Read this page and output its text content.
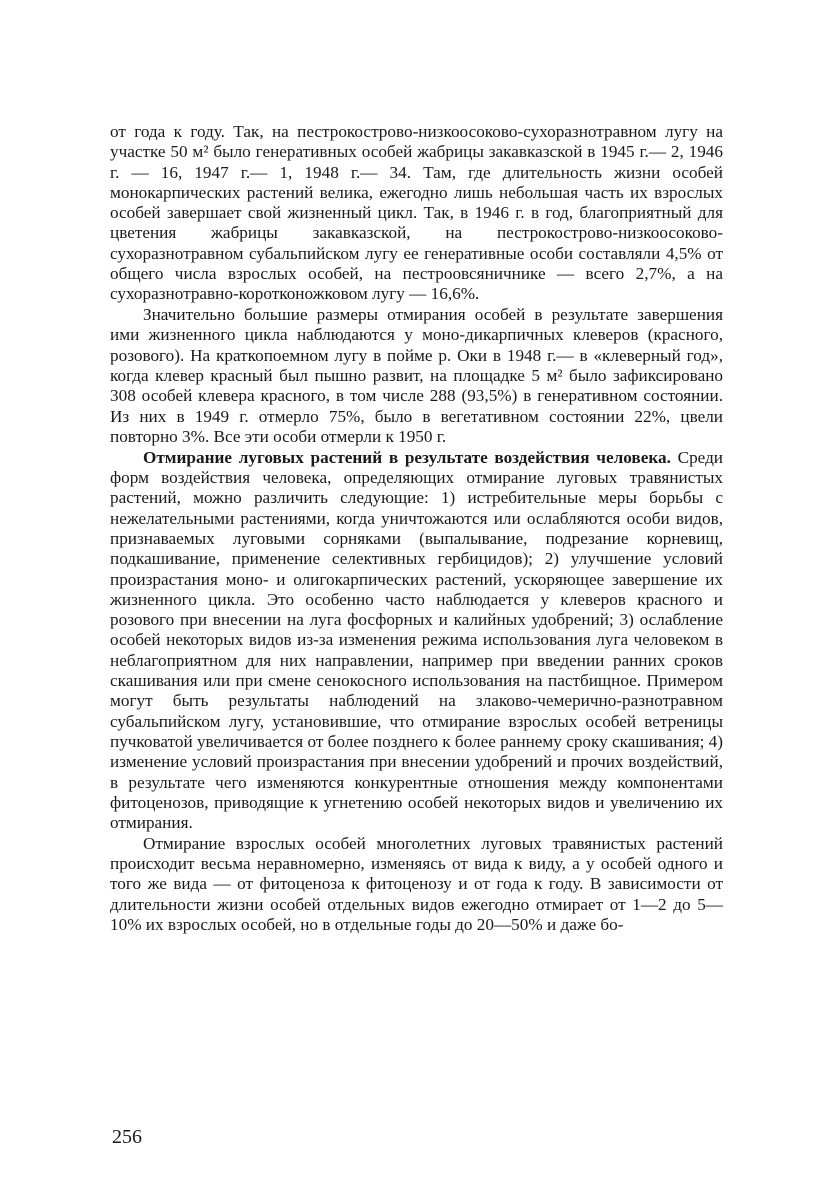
от года к году. Так, на пестрокострово-низкоосоково-сухоразнотравном лугу на участке 50 м² было генеративных особей жабрицы закавказской в 1945 г.— 2, 1946 г. — 16, 1947 г.— 1, 1948 г.— 34. Там, где длительность жизни особей монокарпических растений велика, ежегодно лишь небольшая часть их взрослых особей завершает свой жизненный цикл. Так, в 1946 г. в год, благоприятный для цветения жабрицы закавказской, на пестрокострово-низкоосоково-сухоразнотравном субальпийском лугу ее генеративные особи составляли 4,5% от общего числа взрослых особей, на пестроовсяничнике — всего 2,7%, а на сухоразнотравно-коротконожковом лугу — 16,6%.

Значительно большие размеры отмирания особей в результате завершения ими жизненного цикла наблюдаются у моно-дикарпичных клеверов (красного, розового). На краткопоемном лугу в пойме р. Оки в 1948 г.— в «клеверный год», когда клевер красный был пышно развит, на площадке 5 м² было зафиксировано 308 особей клевера красного, в том числе 288 (93,5%) в генеративном состоянии. Из них в 1949 г. отмерло 75%, было в вегетативном состоянии 22%, цвели повторно 3%. Все эти особи отмерли к 1950 г.

Отмирание луговых растений в результате воздействия человека. Среди форм воздействия человека, определяющих отмирание луговых травянистых растений, можно различить следующие: 1) истребительные меры борьбы с нежелательными растениями, когда уничтожаются или ослабляются особи видов, признаваемых луговыми сорняками (выпалывание, подрезание корневищ, подкашивание, применение селективных гербицидов); 2) улучшение условий произрастания моно- и олигокарпических растений, ускоряющее завершение их жизненного цикла. Это особенно часто наблюдается у клеверов красного и розового при внесении на луга фосфорных и калийных удобрений; 3) ослабление особей некоторых видов из-за изменения режима использования луга человеком в неблагоприятном для них направлении, например при введении ранних сроков скашивания или при смене сенокосного использования на пастбищное. Примером могут быть результаты наблюдений на злаково-чемерично-разнотравном субальпийском лугу, установившие, что отмирание взрослых особей ветреницы пучковатой увеличивается от более позднего к более раннему сроку скашивания; 4) изменение условий произрастания при внесении удобрений и прочих воздействий, в результате чего изменяются конкурентные отношения между компонентами фитоценозов, приводящие к угнетению особей некоторых видов и увеличению их отмирания.

Отмирание взрослых особей многолетних луговых травянистых растений происходит весьма неравномерно, изменяясь от вида к виду, а у особей одного и того же вида — от фитоценоза к фитоценозу и от года к году. В зависимости от длительности жизни особей отдельных видов ежегодно отмирает от 1—2 до 5—10% их взрослых особей, но в отдельные годы до 20—50% и даже бо-

256
